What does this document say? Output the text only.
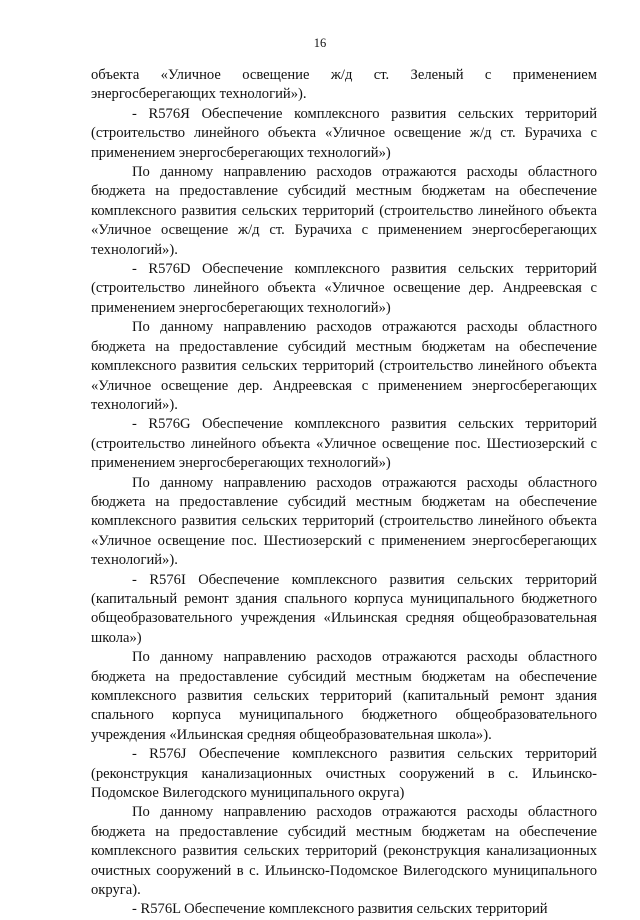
16

объекта «Уличное освещение ж/д ст. Зеленый с применением энергосберегающих технологий»).

- R576Я Обеспечение комплексного развития сельских территорий (строительство линейного объекта «Уличное освещение ж/д ст. Бурачиха с применением энергосберегающих технологий»)

По данному направлению расходов отражаются расходы областного бюджета на предоставление субсидий местным бюджетам на обеспечение комплексного развития сельских территорий (строительство линейного объекта «Уличное освещение ж/д ст. Бурачиха с применением энергосберегающих технологий»).

- R576D Обеспечение комплексного развития сельских территорий (строительство линейного объекта «Уличное освещение дер. Андреевская с применением энергосберегающих технологий»)

По данному направлению расходов отражаются расходы областного бюджета на предоставление субсидий местным бюджетам на обеспечение комплексного развития сельских территорий (строительство линейного объекта «Уличное освещение дер. Андреевская с применением энергосберегающих технологий»).

- R576G Обеспечение комплексного развития сельских территорий (строительство линейного объекта «Уличное освещение пос. Шестиозерский с применением энергосберегающих технологий»)

По данному направлению расходов отражаются расходы областного бюджета на предоставление субсидий местным бюджетам на обеспечение комплексного развития сельских территорий (строительство линейного объекта «Уличное освещение пос. Шестиозерский с применением энергосберегающих технологий»).

- R576I Обеспечение комплексного развития сельских территорий (капитальный ремонт здания спального корпуса муниципального бюджетного общеобразовательного учреждения «Ильинская средняя общеобразовательная школа»)

По данному направлению расходов отражаются расходы областного бюджета на предоставление субсидий местным бюджетам на обеспечение комплексного развития сельских территорий (капитальный ремонт здания спального корпуса муниципального бюджетного общеобразовательного учреждения «Ильинская средняя общеобразовательная школа»).

- R576J Обеспечение комплексного развития сельских территорий (реконструкция канализационных очистных сооружений в с. Ильинско-Подомское Вилегодского муниципального округа)

По данному направлению расходов отражаются расходы областного бюджета на предоставление субсидий местным бюджетам на обеспечение комплексного развития сельских территорий (реконструкция канализационных очистных сооружений в с. Ильинско-Подомское Вилегодского муниципального округа).

- R576L Обеспечение комплексного развития сельских территорий
